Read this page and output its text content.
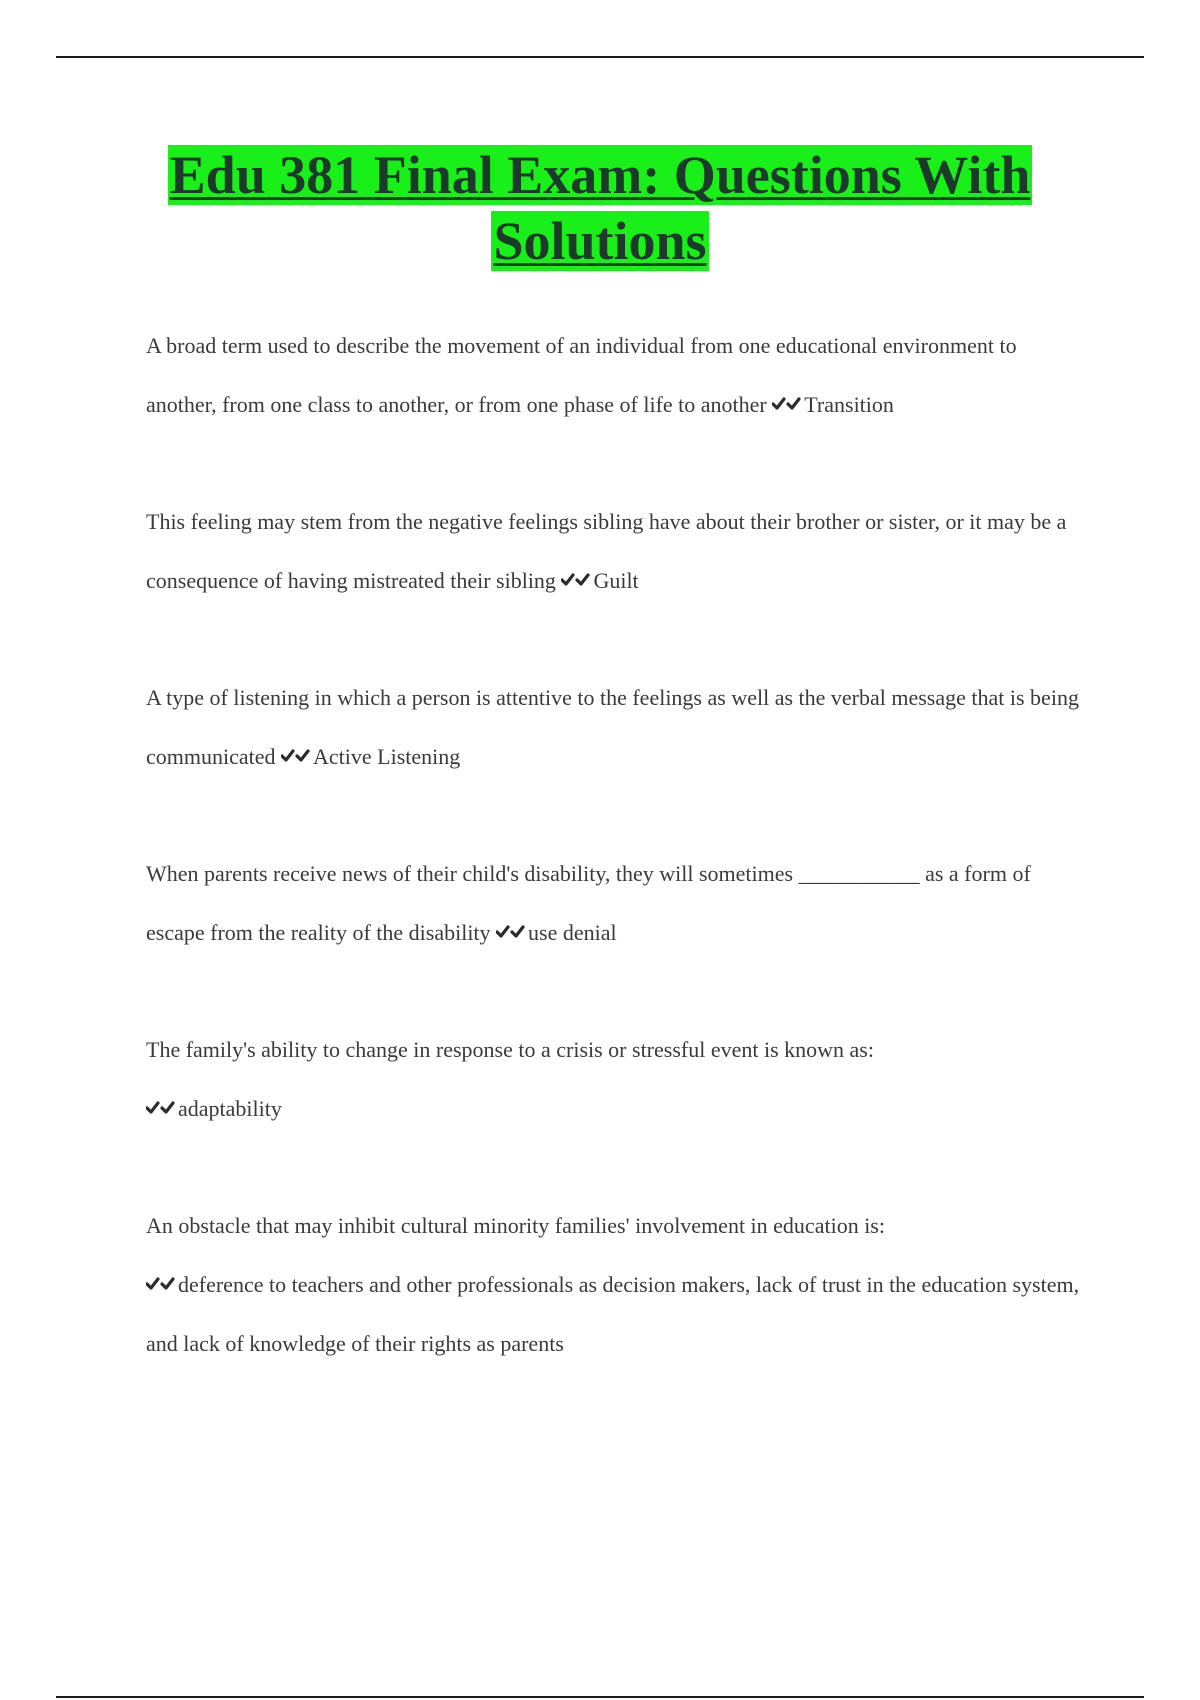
Edu 381 Final Exam: Questions With
Solutions
A broad term used to describe the movement of an individual from one educational environment to another, from one class to another, or from one phase of life to another Transition
This feeling may stem from the negative feelings sibling have about their brother or sister, or it may be a consequence of having mistreated their sibling Guilt
A type of listening in which a person is attentive to the feelings as well as the verbal message that is being communicated Active Listening
When parents receive news of their child's disability, they will sometimes ___________ as a form of escape from the reality of the disability use denial
The family's ability to change in response to a crisis or stressful event is known as:

adaptability
An obstacle that may inhibit cultural minority families' involvement in education is:

deference to teachers and other professionals as decision makers, lack of trust in the education system, and lack of knowledge of their rights as parents
